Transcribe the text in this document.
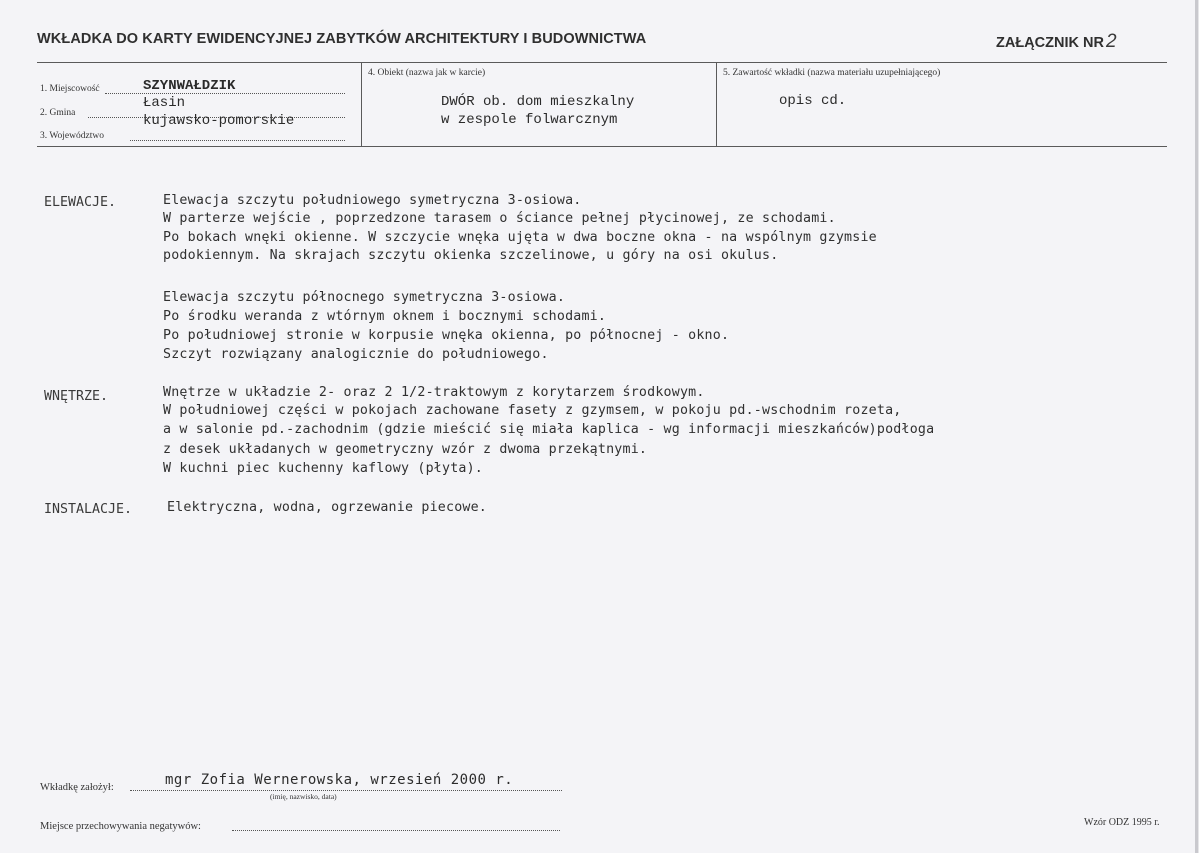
WKŁADKA DO KARTY EWIDENCYJNEJ ZABYTKÓW ARCHITEKTURY I BUDOWNICTWA	ZAŁĄCZNIK NR 2
1. Miejscowość	SZYNWAŁDZIK
2. Gmina
Łasin
3. Województwo
kujawsko-pomorskie
4. Obiekt (nazwa jak w karcie)
DWÓR ob. dom mieszkalny
w zespole folwarcznym
5. Zawartość wkładki (nazwa materiału uzupełniającego)
opis cd.
ELEWACJE.	Elewacja szczytu południowego symetryczna 3-osiowa.
W parterze wejście , poprzedzone tarasem o ściance pełnej płycinowej, ze schodami.
Po bokach wnęki okienne. W szczycie wnęka ujęta w dwa boczne okna - na wspólnym gzymsie
podokiennym. Na skrajach szczytu okienka szczelinowe, u góry na osi okulus.
Elewacja szczytu północnego symetryczna 3-osiowa.
Po środku weranda z wtórnym oknem i bocznymi schodami.
Po południowej stronie w korpusie wnęka okienna, po północnej - okno.
Szczyt rozwiązany analogicznie do południowego.
WNĘTRZE.	Wnętrze w układzie 2- oraz 2 1/2-traktowym z korytarzem środkowym.
W południowej części w pokojach zachowane fasety z gzymsem, w pokoju pd.-wschodnim rozeta,
a w salonie pd.-zachodnim (gdzie mieścić się miała kaplica - wg informacji mieszkańców)podłoga
z desek układanych w geometryczny wzór z dwoma przekątnymi.
W kuchni piec kuchenny kaflowy (płyta).
INSTALACJE.	Elektryczna, wodna, ogrzewanie piecowe.
Wkładkę założył:	mgr Zofia Wernerowska, wrzesień 2000 r.
(imię, nazwisko, data)
Miejsce przechowywania negatywów:	Wzór ODZ 1995 r.
